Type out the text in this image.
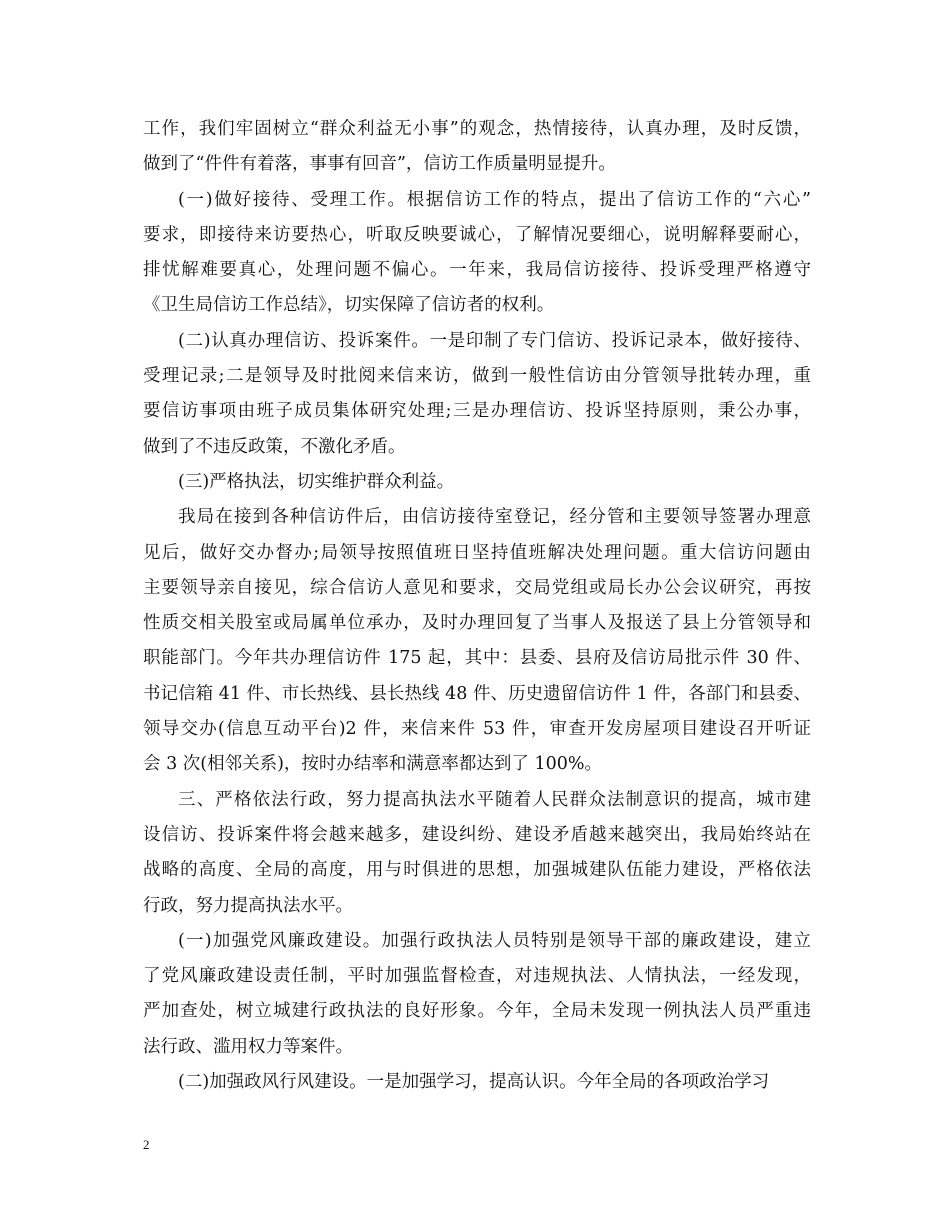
工作，我们牢固树立“群众利益无小事”的观念，热情接待，认真办理，及时反馈，
做到了“件件有着落，事事有回音”，信访工作质量明显提升。
(一)做好接待、受理工作。根据信访工作的特点，提出了信访工作的“六心”
要求，即接待来访要热心，听取反映要诚心，了解情况要细心，说明解释要耐心，
排忧解难要真心，处理问题不偏心。一年来，我局信访接待、投诉受理严格遵守
《卫生局信访工作总结》，切实保障了信访者的权利。
(二)认真办理信访、投诉案件。一是印制了专门信访、投诉记录本，做好接待、
受理记录;二是领导及时批阅来信来访，做到一般性信访由分管领导批转办理，重
要信访事项由班子成员集体研究处理;三是办理信访、投诉坚持原则，秉公办事，
做到了不违反政策，不激化矛盾。
(三)严格执法，切实维护群众利益。
我局在接到各种信访件后，由信访接待室登记，经分管和主要领导签署办理意
见后，做好交办督办;局领导按照值班日坚持值班解决处理问题。重大信访问题由
主要领导亲自接见，综合信访人意见和要求，交局党组或局长办公会议研究，再按
性质交相关股室或局属单位承办，及时办理回复了当事人及报送了县上分管领导和
职能部门。今年共办理信访件 175 起，其中：县委、县府及信访局批示件 30 件、
书记信箱 41 件、市长热线、县长热线 48 件、历史遗留信访件 1 件，各部门和县委、
领导交办(信息互动平台)2 件，来信来件 53 件，审查开发房屋项目建设召开听证
会 3 次(相邻关系)，按时办结率和满意率都达到了 100%。
三、严格依法行政，努力提高执法水平随着人民群众法制意识的提高，城市建
设信访、投诉案件将会越来越多，建设纠纷、建设矛盾越来越突出，我局始终站在
战略的高度、全局的高度，用与时俱进的思想，加强城建队伍能力建设，严格依法
行政，努力提高执法水平。
(一)加强党风廉政建设。加强行政执法人员特别是领导干部的廉政建设，建立
了党风廉政建设责任制，平时加强监督检查，对违规执法、人情执法，一经发现，
严加查处，树立城建行政执法的良好形象。今年，全局未发现一例执法人员严重违
法行政、滥用权力等案件。
(二)加强政风行风建设。一是加强学习，提高认识。今年全局的各项政治学习
2
